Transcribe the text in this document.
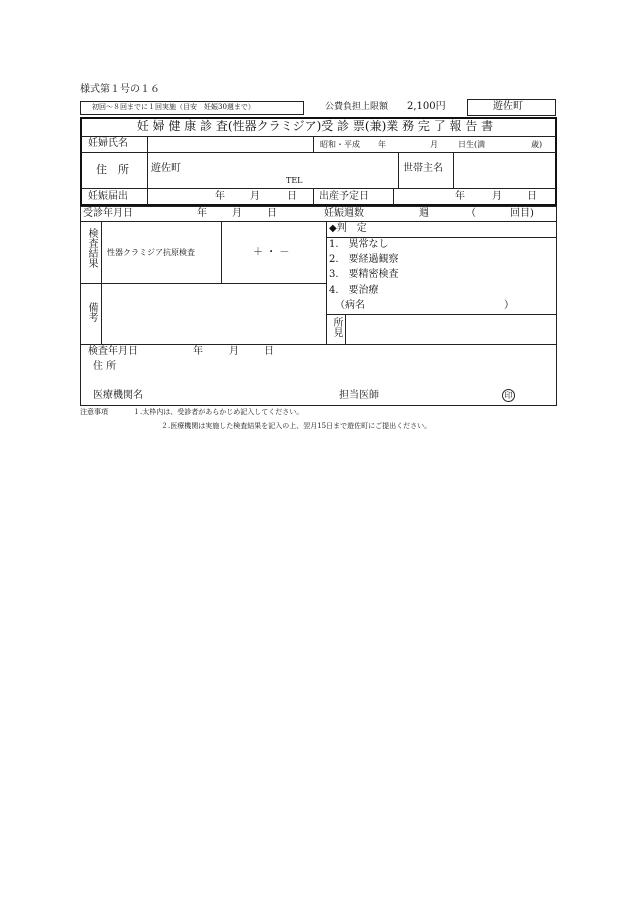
様式第１号の１６
初回～８回までに１回実施（目安　妊娠30週まで）	公費負担上限額 2,100円	遊佐町
妊 婦 健 康 診 査(性器クラミジア)受 診 票(兼)業 務 完 了 報 告 書
妊婦氏名	昭和・平成 年	月	日生(満	歳)
住　所 遊佐町
TEL
世帯主名
妊娠届出	年	月	日 出産予定日	年	月	日
受診年月日	年	月	日	妊娠週数	週	（	回目)
検査結果 性器クラミジア抗原検査	＋ ・ －
備考
◆判　定
1.　異常なし
2.　要経過観察
3.　要精密検査
4.　要治療
（病名	）
所見
検査年月日	年	月	日
住 所
医療機関名	担当医師	印
注意事項	１.太枠内は、受診者があらかじめ記入してください。
２.医療機関は実施した検査結果を記入の上、翌月15日まで遊佐町にご提出ください。
